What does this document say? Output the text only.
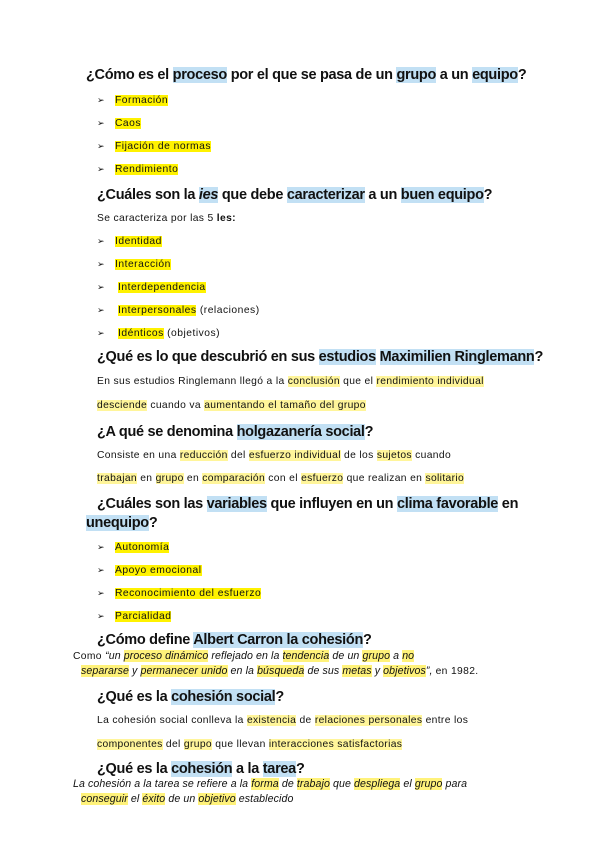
¿Cómo es el proceso por el que se pasa de un grupo a un equipo?
➢ Formación
➢ Caos
➢ Fijación de normas
➢ Rendimiento
¿Cuáles son la ies que debe caracterizar a un buen equipo?
Se caracteriza por las 5 les:
➢ Identidad
➢ Interacción
➢ Interdependencia
➢ Interpersonales (relaciones)
➢ Idénticos (objetivos)
¿Qué es lo que descubrió en sus estudios Maximilien Ringlemann?
En sus estudios Ringlemann llegó a la conclusión que el rendimiento individual
desciende cuando va aumentando el tamaño del grupo
¿A qué se denomina holgazanería social?
Consiste en una reducción del esfuerzo individual de los sujetos cuando
trabajan en grupo en comparación con el esfuerzo que realizan en solitario
¿Cuáles son las variables que influyen en un clima favorable en
unequipo?
➢ Autonomía
➢ Apoyo emocional
➢ Reconocimiento del esfuerzo
➢ Parcialidad
¿Cómo define Albert Carron la cohesión?
Como “un proceso dinámico reflejado en la tendencia de un grupo a no
separarse y permanecer unido en la búsqueda de sus metas y objetivos”, en 1982.
¿Qué es la cohesión social?
La cohesión social conlleva la existencia de relaciones personales entre los
componentes del grupo que llevan interacciones satisfactorias
¿Qué es la cohesión a la tarea?
La cohesión a la tarea se refiere a la forma de trabajo que despliega el grupo para
conseguir el éxito de un objetivo establecido
